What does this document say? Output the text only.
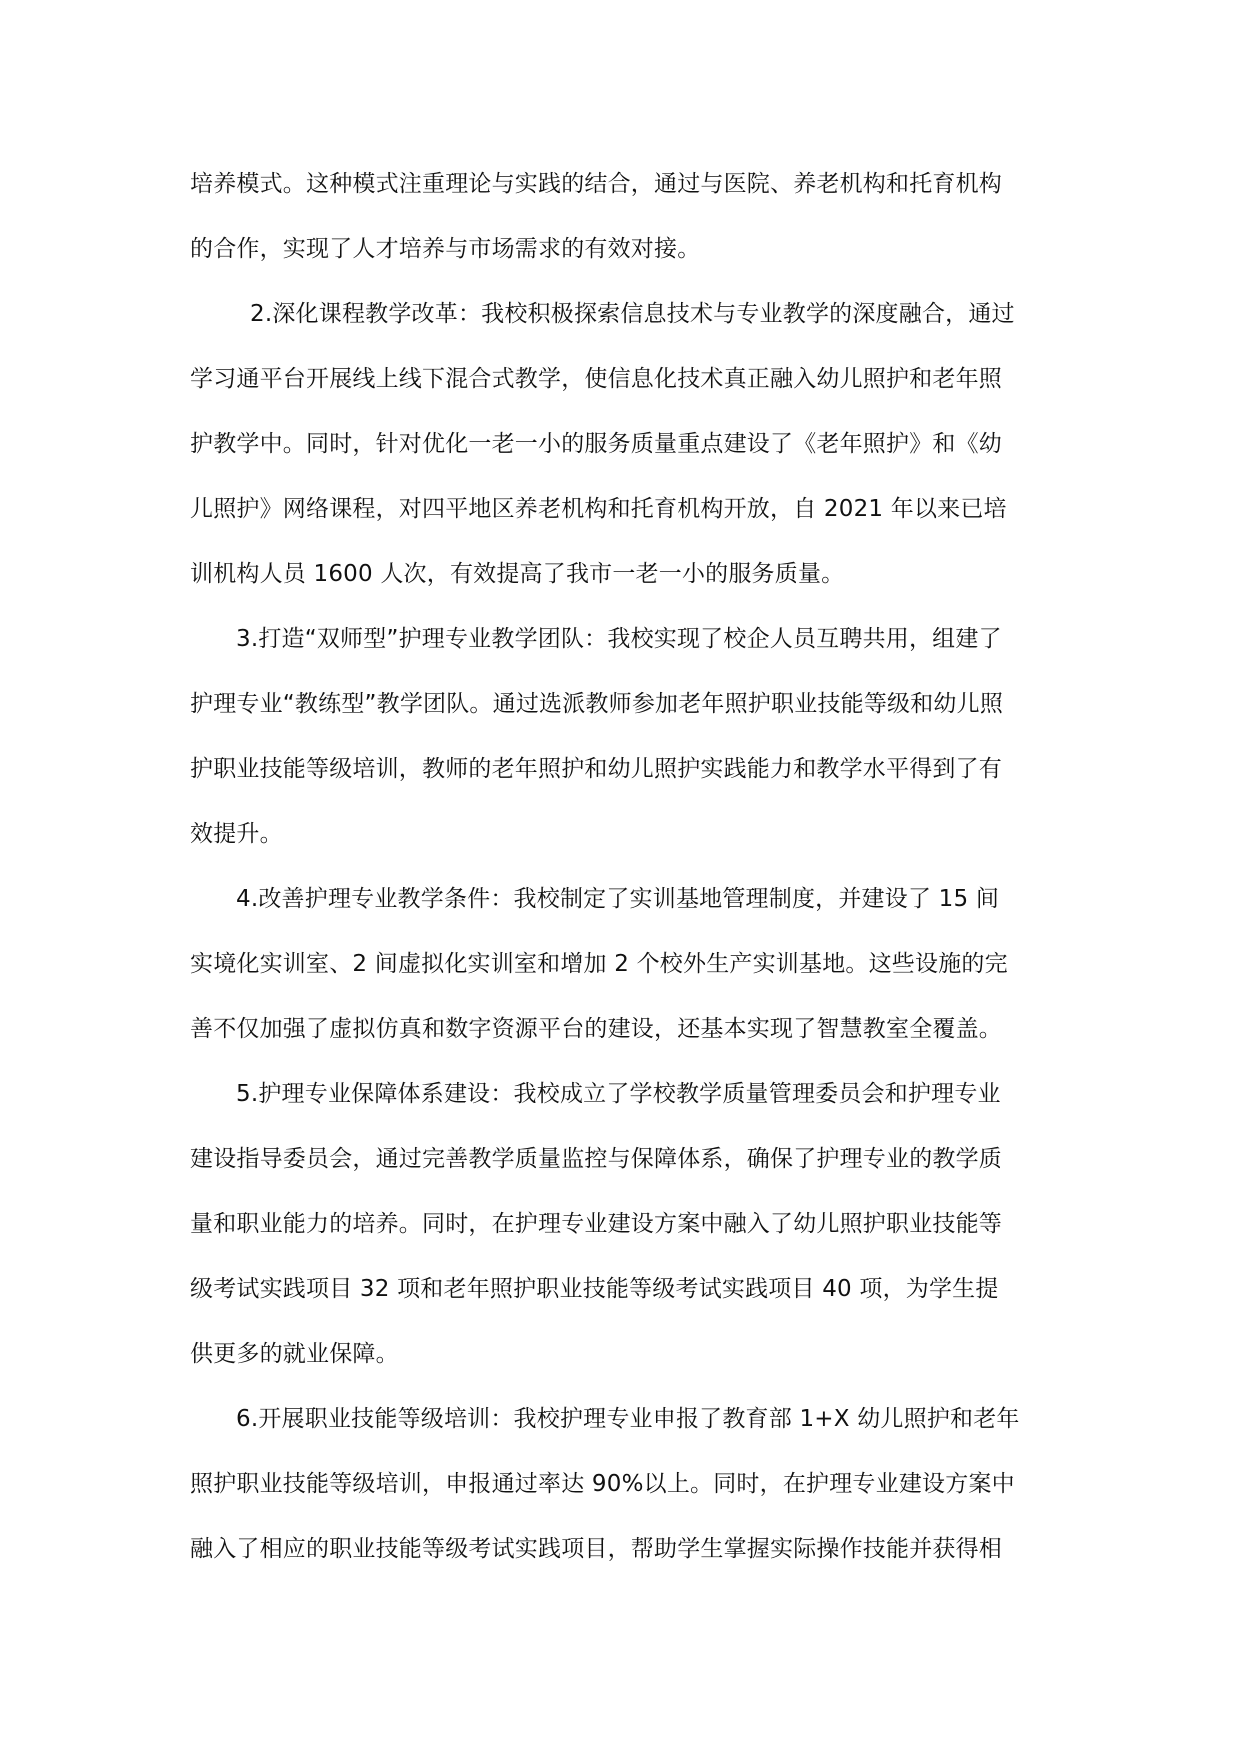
培养模式。这种模式注重理论与实践的结合，通过与医院、养老机构和托育机构
的合作，实现了人才培养与市场需求的有效对接。

2.深化课程教学改革：我校积极探索信息技术与专业教学的深度融合，通过
学习通平台开展线上线下混合式教学，使信息化技术真正融入幼儿照护和老年照
护教学中。同时，针对优化一老一小的服务质量重点建设了《老年照护》和《幼
儿照护》网络课程，对四平地区养老机构和托育机构开放，自 2021 年以来已培
训机构人员 1600 人次，有效提高了我市一老一小的服务质量。

3.打造“双师型”护理专业教学团队：我校实现了校企人员互聘共用，组建了
护理专业“教练型”教学团队。通过选派教师参加老年照护职业技能等级和幼儿照
护职业技能等级培训，教师的老年照护和幼儿照护实践能力和教学水平得到了有
效提升。

4.改善护理专业教学条件：我校制定了实训基地管理制度，并建设了 15 间
实境化实训室、2 间虚拟化实训室和增加 2 个校外生产实训基地。这些设施的完
善不仅加强了虚拟仿真和数字资源平台的建设，还基本实现了智慧教室全覆盖。

5.护理专业保障体系建设：我校成立了学校教学质量管理委员会和护理专业
建设指导委员会，通过完善教学质量监控与保障体系，确保了护理专业的教学质
量和职业能力的培养。同时，在护理专业建设方案中融入了幼儿照护职业技能等
级考试实践项目 32 项和老年照护职业技能等级考试实践项目 40 项，为学生提
供更多的就业保障。

6.开展职业技能等级培训：我校护理专业申报了教育部 1+X 幼儿照护和老年
照护职业技能等级培训，申报通过率达 90%以上。同时，在护理专业建设方案中
融入了相应的职业技能等级考试实践项目，帮助学生掌握实际操作技能并获得相
